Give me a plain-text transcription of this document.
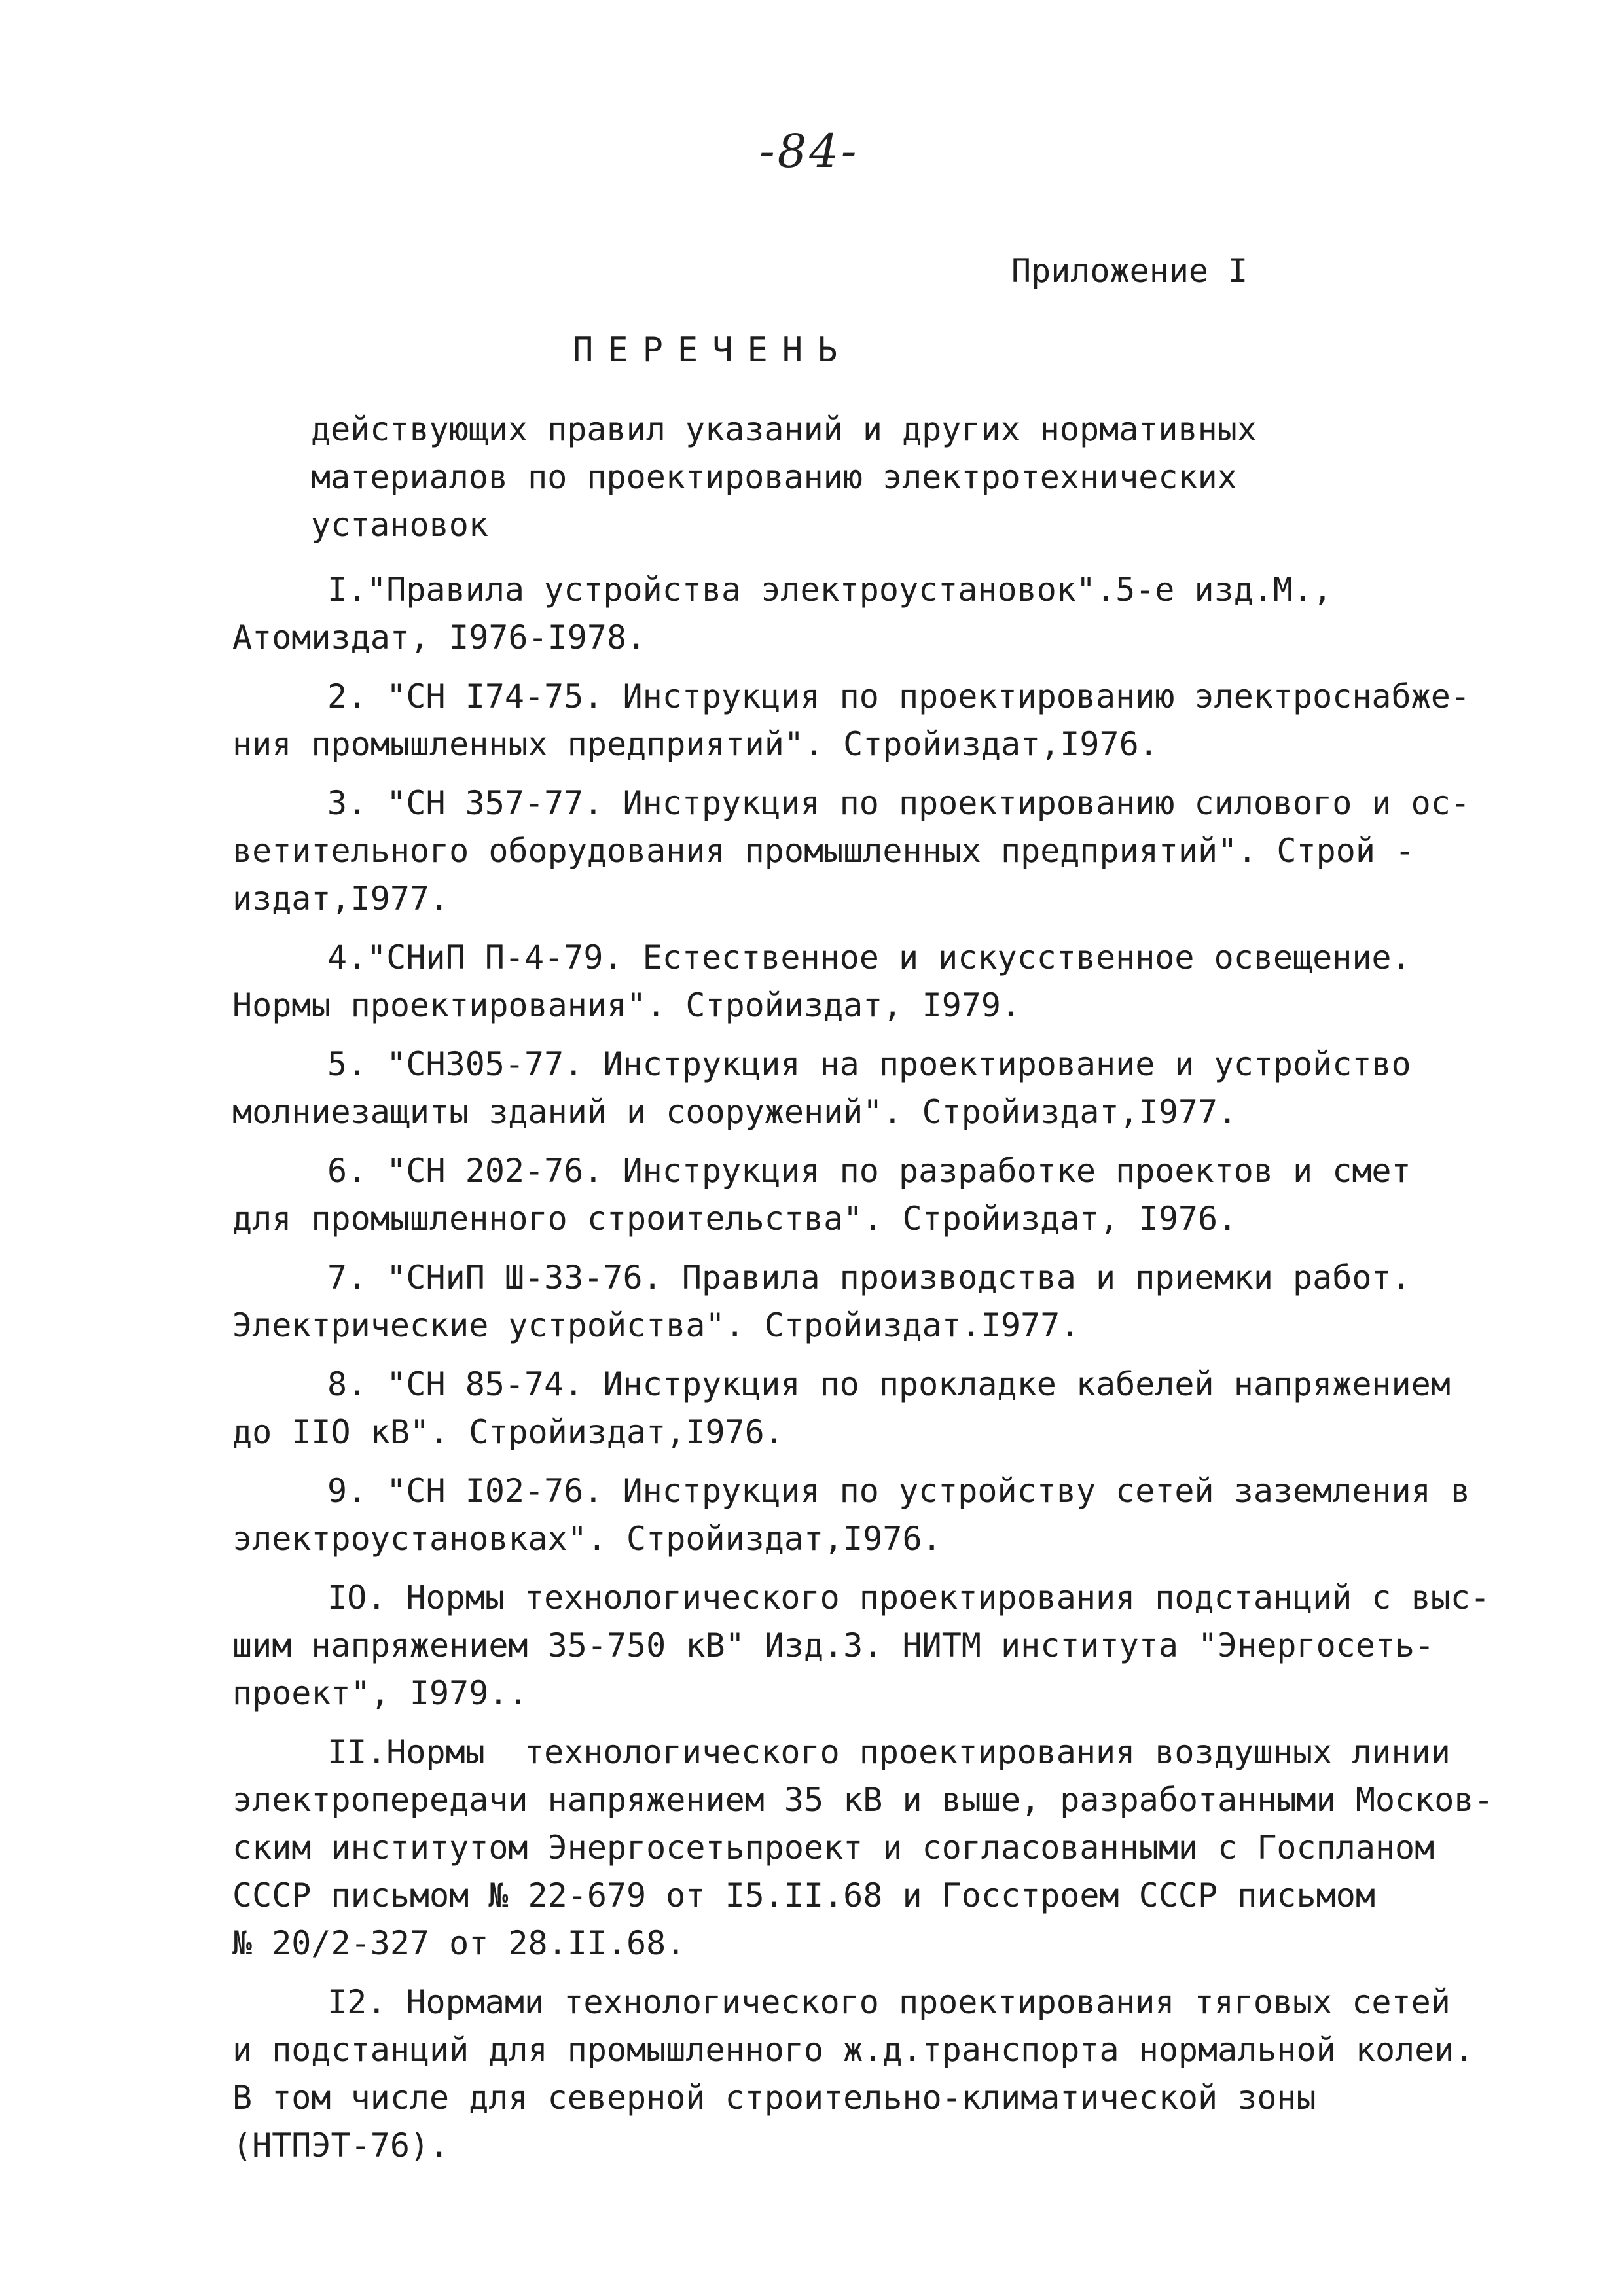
-84-
Приложение I
ПЕРЕЧЕНЬ
действующих правил указаний и других нормативных
материалов по проектированию электротехнических
установок
I."Правила устройства электроустановок".5-е изд.М.,
Атомиздат, I976-I978.
2. "СН I74-75. Инструкция по проектированию электроснабже-
ния промышленных предприятий". Стройиздат,I976.
3. "СН 357-77. Инструкция по проектированию силового и ос-
ветительного оборудования промышленных предприятий". Строй -
издат,I977.
4."СНиП П-4-79. Естественное и искусственное освещение.
Нормы проектирования". Стройиздат, I979.
5. "СН305-77. Инструкция на проектирование и устройство
молниезащиты зданий и сооружений". Стройиздат,I977.
6. "СН 202-76. Инструкция по разработке проектов и смет
для промышленного строительства". Стройиздат, I976.
7. "СНиП Ш-33-76. Правила производства и приемки работ.
Электрические устройства". Стройиздат.I977.
8. "СН 85-74. Инструкция по прокладке кабелей напряжением
до IIО кВ". Стройиздат,I976.
9. "СН I02-76. Инструкция по устройству сетей заземления в
электроустановках". Стройиздат,I976.
IО. Нормы технологического проектирования подстанций с выс-
шим напряжением 35-750 кВ" Изд.3. НИТМ института "Энергосеть-
проект", I979..
II.Нормы  технологического проектирования воздушных линии
электропередачи напряжением 35 кВ и выше, разработанными Москов-
ским институтом Энергосетьпроект и согласованными с Госпланом
СССР письмом № 22-679 от I5.II.68 и Госстроем СССР письмом
№ 20/2-327 от 28.II.68.
I2. Нормами технологического проектирования тяговых сетей
и подстанций для промышленного ж.д.транспорта нормальной колеи.
В том числе для северной строительно-климатической зоны
(НТПЭТ-76).
